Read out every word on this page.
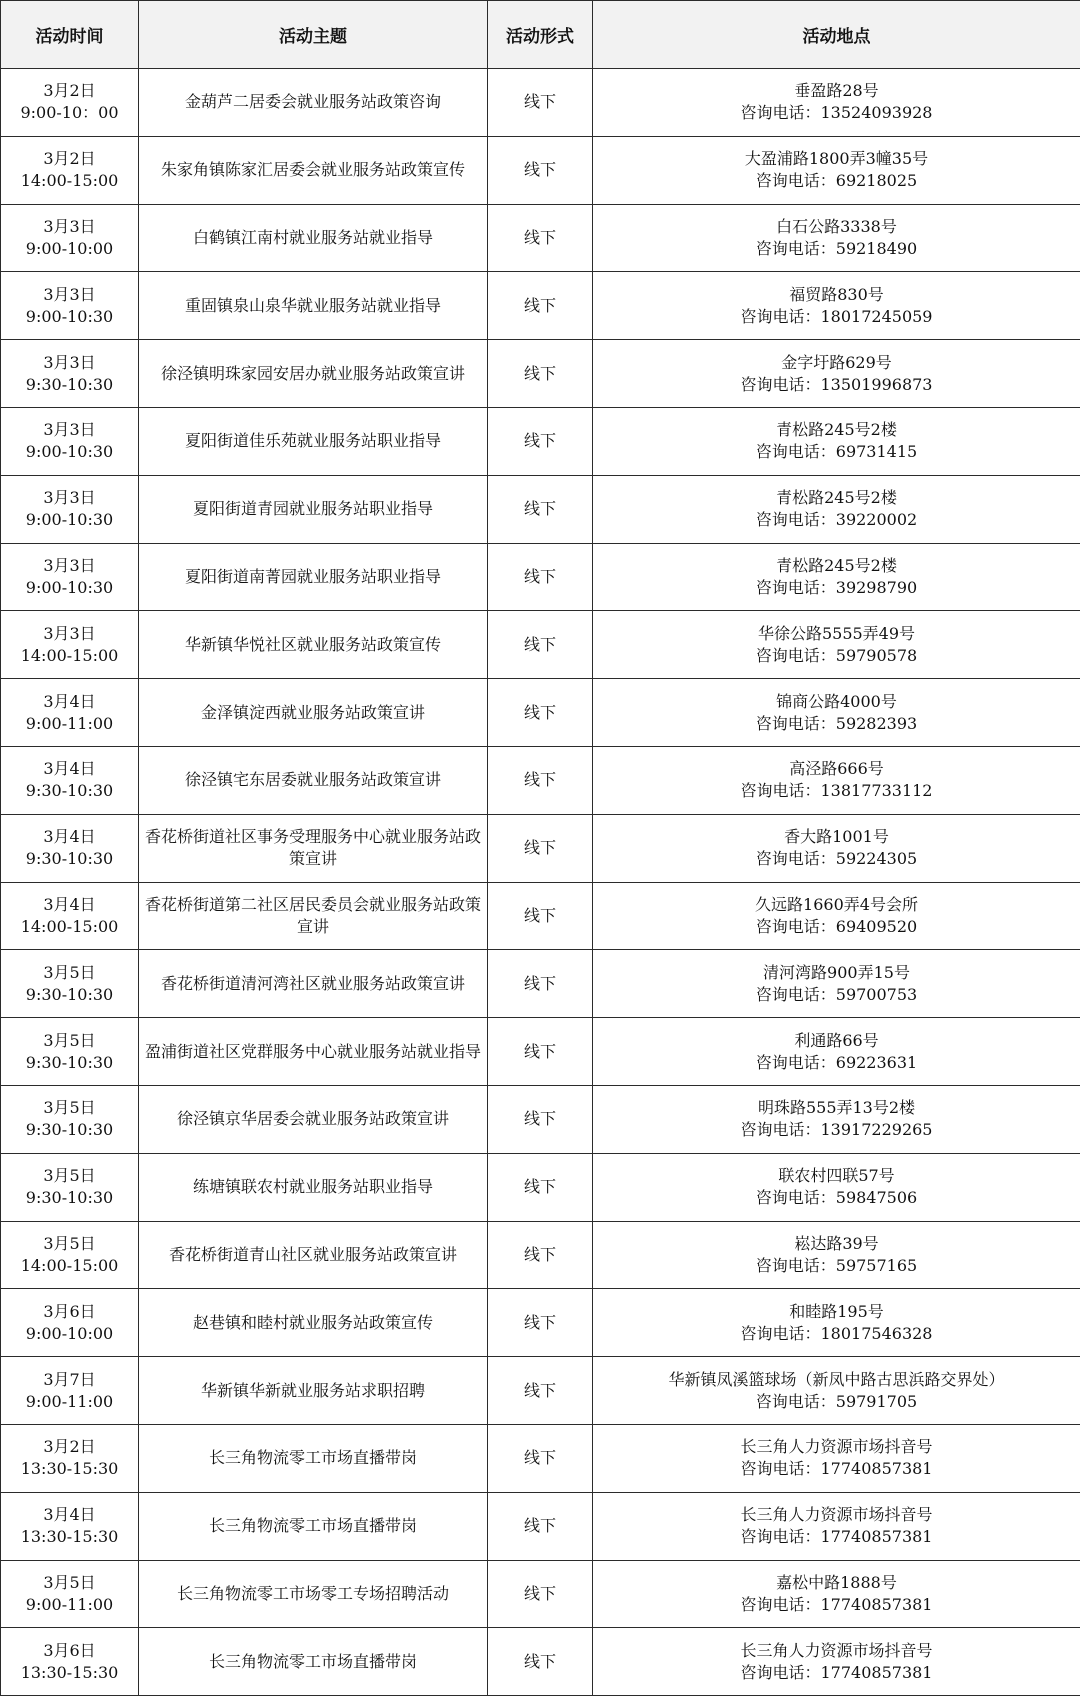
活动时间	活动主题	活动形式	活动地点

3月2日
9:00-10：00	金葫芦二居委会就业服务站政策咨询	线下	垂盈路28号
咨询电话：13524093928

3月2日
14:00-15:00	朱家角镇陈家汇居委会就业服务站政策宣传	线下	大盈浦路1800弄3幢35号
咨询电话：69218025

3月3日
9:00-10:00	白鹤镇江南村就业服务站就业指导	线下	白石公路3338号
咨询电话：59218490

3月3日
9:00-10:30	重固镇泉山泉华就业服务站就业指导	线下	福贸路830号
咨询电话：18017245059

3月3日
9:30-10:30	徐泾镇明珠家园安居办就业服务站政策宣讲	线下	金字圩路629号
咨询电话：13501996873

3月3日
9:00-10:30	夏阳街道佳乐苑就业服务站职业指导	线下	青松路245号2楼
咨询电话：69731415

3月3日
9:00-10:30	夏阳街道青园就业服务站职业指导	线下	青松路245号2楼
咨询电话：39220002

3月3日
9:00-10:30	夏阳街道南菁园就业服务站职业指导	线下	青松路245号2楼
咨询电话：39298790

3月3日
14:00-15:00	华新镇华悦社区就业服务站政策宣传	线下	华徐公路5555弄49号
咨询电话：59790578

3月4日
9:00-11:00	金泽镇淀西就业服务站政策宣讲	线下	锦商公路4000号
咨询电话：59282393

3月4日
9:30-10:30	徐泾镇宅东居委就业服务站政策宣讲	线下	高泾路666号
咨询电话：13817733112

3月4日
9:30-10:30	香花桥街道社区事务受理服务中心就业服务站政策宣讲	线下	香大路1001号
咨询电话：59224305

3月4日
14:00-15:00	香花桥街道第二社区居民委员会就业服务站政策宣讲	线下	久远路1660弄4号会所
咨询电话：69409520

3月5日
9:30-10:30	香花桥街道清河湾社区就业服务站政策宣讲	线下	清河湾路900弄15号
咨询电话：59700753

3月5日
9:30-10:30	盈浦街道社区党群服务中心就业服务站就业指导	线下	利通路66号
咨询电话：69223631

3月5日
9:30-10:30	徐泾镇京华居委会就业服务站政策宣讲	线下	明珠路555弄13号2楼
咨询电话：13917229265

3月5日
9:30-10:30	练塘镇联农村就业服务站职业指导	线下	联农村四联57号
咨询电话：59847506

3月5日
14:00-15:00	香花桥街道青山社区就业服务站政策宣讲	线下	崧达路39号
咨询电话：59757165

3月6日
9:00-10:00	赵巷镇和睦村就业服务站政策宣传	线下	和睦路195号
咨询电话：18017546328

3月7日
9:00-11:00	华新镇华新就业服务站求职招聘	线下	华新镇凤溪篮球场（新凤中路古思浜路交界处）
咨询电话：59791705

3月2日
13:30-15:30	长三角物流零工市场直播带岗	线下	长三角人力资源市场抖音号
咨询电话：17740857381

3月4日
13:30-15:30	长三角物流零工市场直播带岗	线下	长三角人力资源市场抖音号
咨询电话：17740857381

3月5日
9:00-11:00	长三角物流零工市场零工专场招聘活动	线下	嘉松中路1888号
咨询电话：17740857381

3月6日
13:30-15:30	长三角物流零工市场直播带岗	线下	长三角人力资源市场抖音号
咨询电话：17740857381
